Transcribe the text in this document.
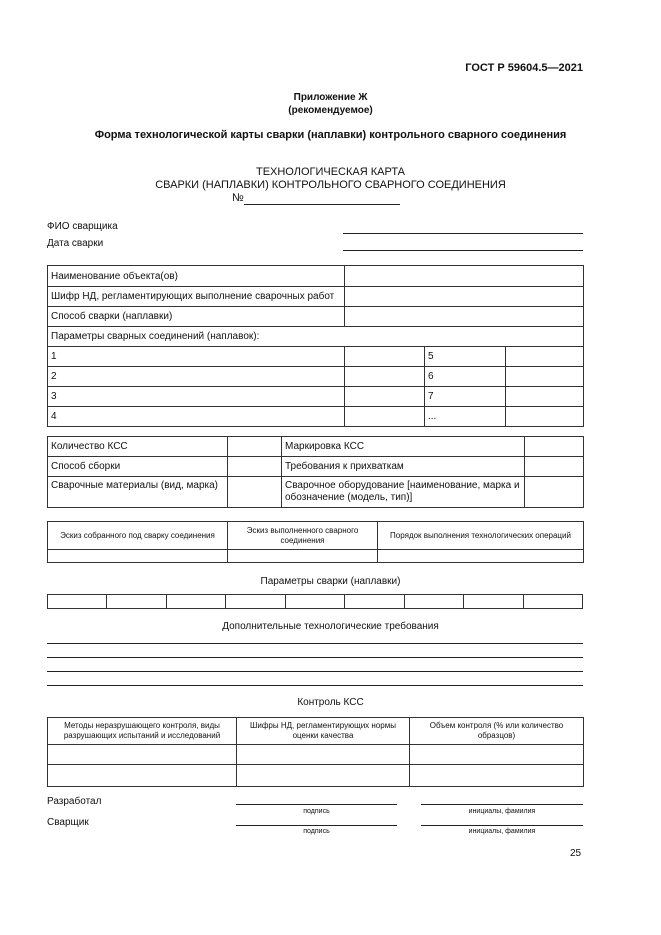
ГОСТ Р 59604.5—2021
Приложение Ж
(рекомендуемое)
Форма технологической карты сварки (наплавки) контрольного сварного соединения
ТЕХНОЛОГИЧЕСКАЯ КАРТА
СВАРКИ (НАПЛАВКИ) КОНТРОЛЬНОГО СВАРНОГО СОЕДИНЕНИЯ
№
ФИО сварщика
Дата сварки
Наименование объекта(ов)			
Шифр НД, регламентирующих выполнение сварочных работ			
Способ сварки (наплавки)			
Параметры сварных соединений (наплавок):			
1		5	
2		6	
3		7	
4		...	
Количество КСС		Маркировка КСС	
Способ сборки		Требования к прихваткам	
Сварочные материалы (вид, марка)		Сварочное оборудование [наименование, марка и обозначение (модель, тип)]	
Эскиз собранного под сварку соединения	Эскиз выполненного сварного соединения	Порядок выполнения технологических операций

Параметры сварки (наплавки)

Дополнительные технологические требования
Контроль КСС
Методы неразрушающего контроля, виды разрушающих испытаний и исследований	Шифры НД, регламентирующих нормы оценки качества	Объем контроля (% или количество образцов)

Разработал
подпись	инициалы, фамилия
Сварщик
подпись	инициалы, фамилия
25
